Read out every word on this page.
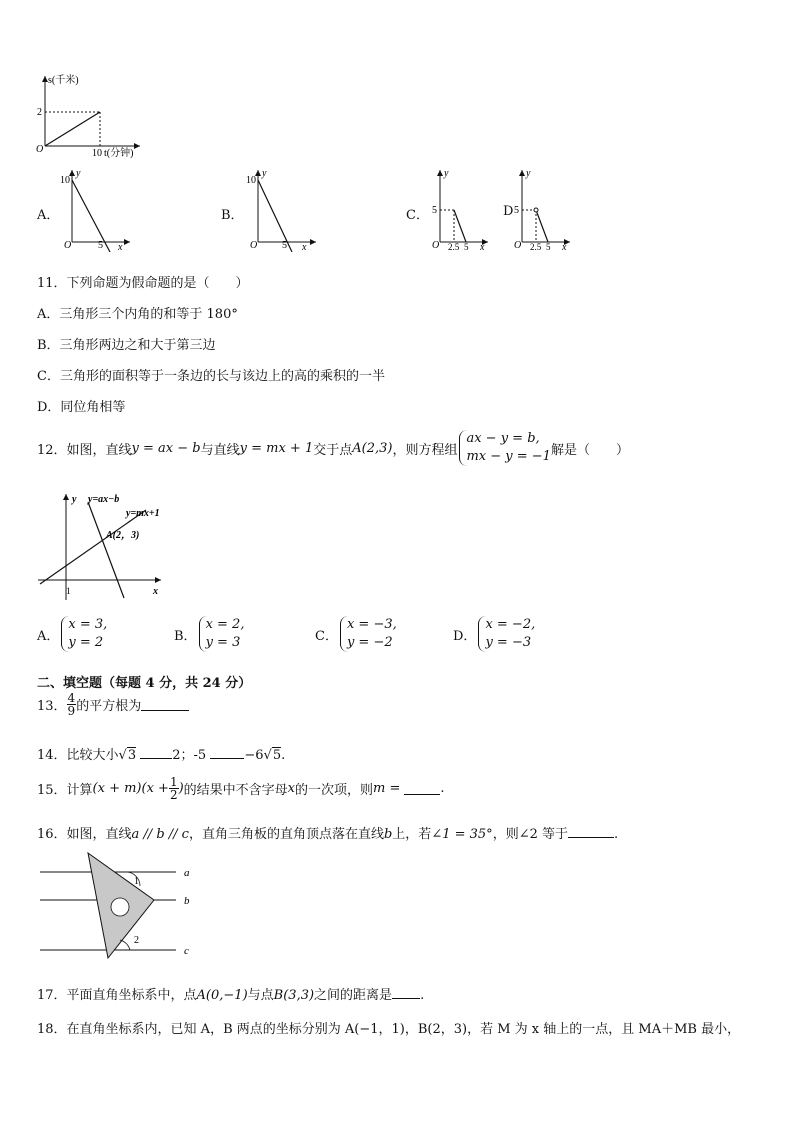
s(千米)
2
O	10 t(分钟)
A．
y
10
O	5 x
B．
y
10
O 5 x
C．
y
5
O 2.5 5 x
D
y
5
O 2.5 5 x
11．下列命题为假命题的是（　　）
A．三角形三个内角的和等于 180°
B．三角形两边之和大于第三边
C．三角形的面积等于一条边的长与该边上的高的乘积的一半
D．同位角相等
12．如图，直线 y = ax − b 与直线 y = mx + 1 交于点 A(2,3) ，则方程组
ax − y = b,
mx − y = −1 解是（　　）
y y=ax−b
y=mx+1
A(2，3)
1	x
A．
x = 3,
y = 2	B．
x = 2,
y = 3	C．
x = −3,
y = −2	D．
x = −2,
y = −3
二、填空题（每题 4 分，共 24 分）
13． $\frac{4}{9}$ 的平方根为
14．比较大小√3	2；-5	−6√5.
15．计算 $(x + m)(x + \frac{1}{2}$ ) 的结果中不含字母 x 的一次项，则 m =	.
16．如图，直线a // b // c，直角三角板的直角顶点落在直线b上，若∠1 = 35°，则∠2 等于	.
1
2
a
b
c
17．平面直角坐标系中，点A(0,−1)与点B(3,3)之间的距离是 .
18．在直角坐标系内，已知 A，B 两点的坐标分别为 A(−1，1)，B(2，3)，若 M 为 x 轴上的一点，且 MA＋MB 最小，
